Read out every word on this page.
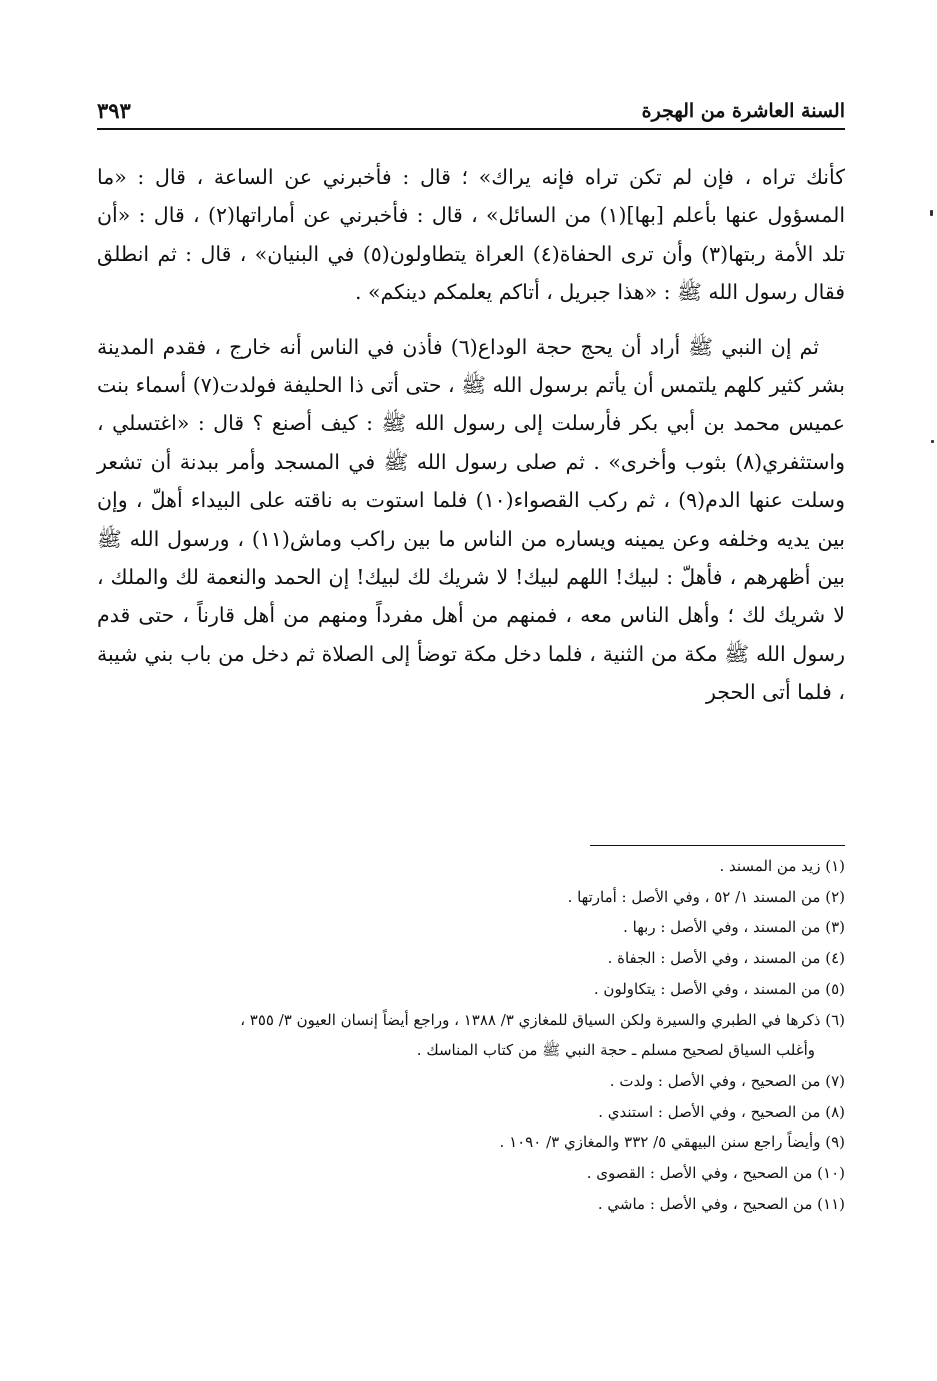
السنة العاشرة من الهجرة
٣٩٣

كأنك تراه ، فإن لم تكن تراه فإنه يراك» ؛ قال : فأخبرني عن الساعة ، قال : «ما المسؤول عنها بأعلم [بها](١) من السائل» ، قال : فأخبرني عن أماراتها(٢) ، قال : «أن تلد الأمة ربتها(٣) وأن ترى الحفاة(٤) العراة يتطاولون(٥) في البنيان» ، قال : ثم انطلق فقال رسول الله ﷺ : «هذا جبريل ، أتاكم يعلمكم دينكم» .

ثم إن النبي ﷺ أراد أن يحج حجة الوداع(٦) فأذن في الناس أنه خارج ، فقدم المدينة بشر كثير كلهم يلتمس أن يأتم برسول الله ﷺ ، حتى أتى ذا الحليفة فولدت(٧) أسماء بنت عميس محمد بن أبي بكر فأرسلت إلى رسول الله ﷺ : كيف أصنع ؟ قال : «اغتسلي ، واستثفري(٨) بثوب وأخرى» . ثم صلى رسول الله ﷺ في المسجد وأمر ببدنة أن تشعر وسلت عنها الدم(٩) ، ثم ركب القصواء(١٠) فلما استوت به ناقته على البيداء أهلّ ، وإن بين يديه وخلفه وعن يمينه ويساره من الناس ما بين راكب وماش(١١) ، ورسول الله ﷺ بين أظهرهم ، فأهلّ : لبيك! اللهم لبيك! لا شريك لك لبيك! إن الحمد والنعمة لك والملك ، لا شريك لك ؛ وأهل الناس معه ، فمنهم من أهل مفرداً ومنهم من أهل قارناً ، حتى قدم رسول الله ﷺ مكة من الثنية ، فلما دخل مكة توضأ إلى الصلاة ثم دخل من باب بني شيبة ، فلما أتى الحجر

(١) زيد من المسند .
(٢) من المسند ١/ ٥٢ ، وفي الأصل : أمارتها .
(٣) من المسند ، وفي الأصل : ربها .
(٤) من المسند ، وفي الأصل : الجفاة .
(٥) من المسند ، وفي الأصل : يتكاولون .
(٦) ذكرها في الطبري والسيرة ولكن السياق للمغازي ٣/ ١٣٨٨ ، وراجع أيضاً إنسان العيون ٣/ ٣٥٥ ،
وأغلب السياق لصحيح مسلم ـ حجة النبي ﷺ من كتاب المناسك .
(٧) من الصحيح ، وفي الأصل : ولدت .
(٨) من الصحيح ، وفي الأصل : استندي .
(٩) وأيضاً راجع سنن البيهقي ٥/ ٣٣٢ والمغازي ٣/ ١٠٩٠ .
(١٠) من الصحيح ، وفي الأصل : القصوى .
(١١) من الصحيح ، وفي الأصل : ماشي .
